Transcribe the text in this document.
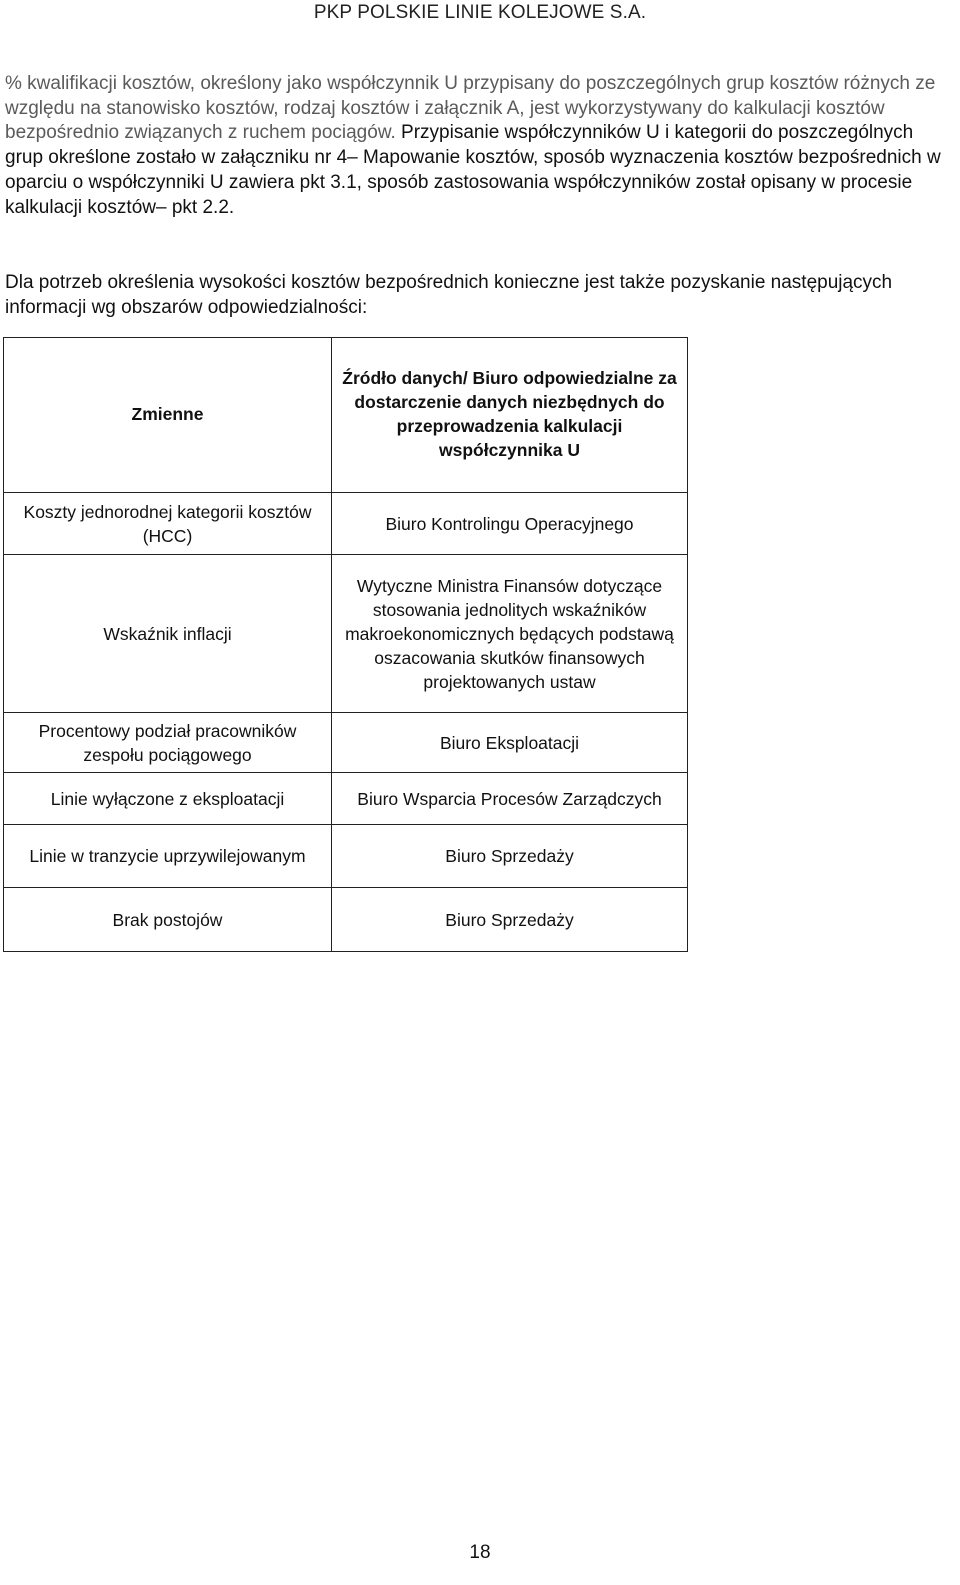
PKP POLSKIE LINIE KOLEJOWE S.A.

% kwalifikacji kosztów, określony jako współczynnik U przypisany do poszczególnych grup kosztów różnych ze względu na stanowisko kosztów, rodzaj kosztów i załącznik A, jest wykorzystywany do kalkulacji kosztów bezpośrednio związanych z ruchem pociągów. Przypisanie współczynników U i kategorii do poszczególnych grup określone zostało w załączniku nr 4– Mapowanie kosztów, sposób wyznaczenia kosztów bezpośrednich w oparciu o współczynniki U zawiera pkt 3.1, sposób zastosowania współczynników został opisany w procesie kalkulacji kosztów– pkt 2.2.

Dla potrzeb określenia wysokości kosztów bezpośrednich konieczne jest także pozyskanie następujących informacji wg obszarów odpowiedzialności:

Zmienne	Źródło danych/ Biuro odpowiedzialne za dostarczenie danych niezbędnych do przeprowadzenia kalkulacji współczynnika U
Koszty jednorodnej kategorii kosztów (HCC)	Biuro Kontrolingu Operacyjnego
Wskaźnik inflacji	Wytyczne Ministra Finansów dotyczące stosowania jednolitych wskaźników makroekonomicznych będących podstawą oszacowania skutków finansowych projektowanych ustaw
Procentowy podział pracowników zespołu pociągowego	Biuro Eksploatacji
Linie wyłączone z eksploatacji	Biuro Wsparcia Procesów Zarządczych
Linie w tranzycie uprzywilejowanym	Biuro Sprzedaży
Brak postojów	Biuro Sprzedaży
18
